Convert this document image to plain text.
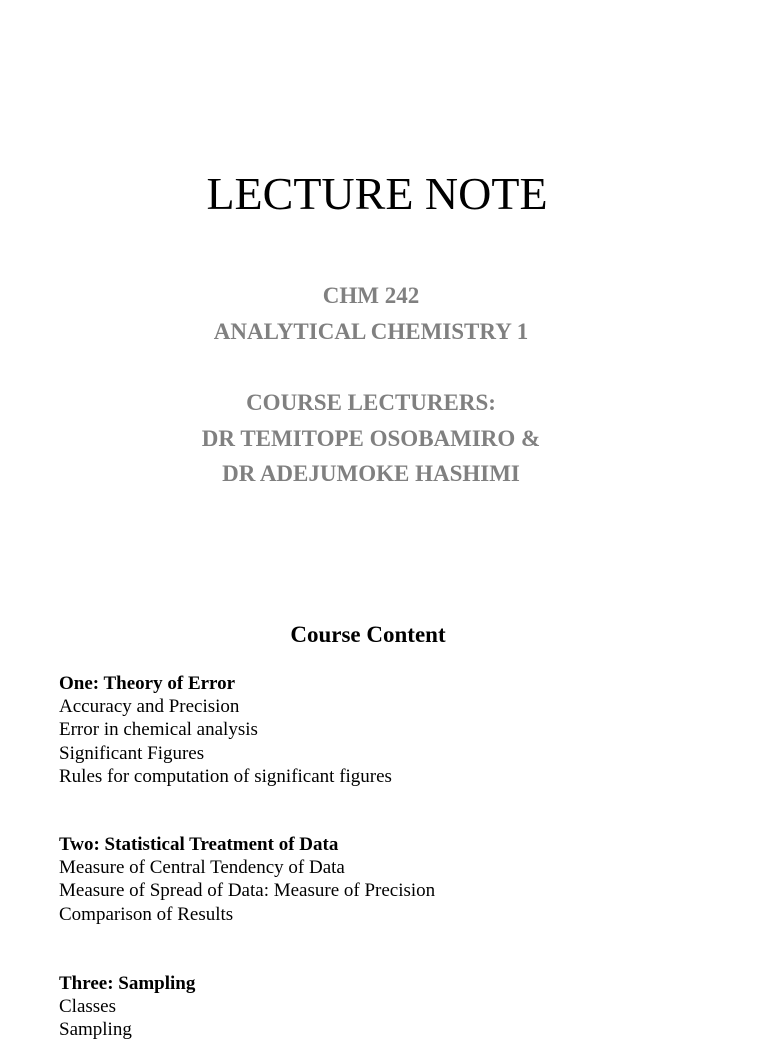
LECTURE NOTE
CHM 242
ANALYTICAL CHEMISTRY 1
COURSE LECTURERS:
DR TEMITOPE OSOBAMIRO &
DR ADEJUMOKE HASHIMI
Course Content
One: Theory of Error
Accuracy and Precision
Error in chemical analysis
Significant Figures
Rules for computation of significant figures
Two: Statistical Treatment of Data
Measure of Central Tendency of Data
Measure of Spread of Data: Measure of Precision
Comparison of Results
Three: Sampling
Classes
Sampling
